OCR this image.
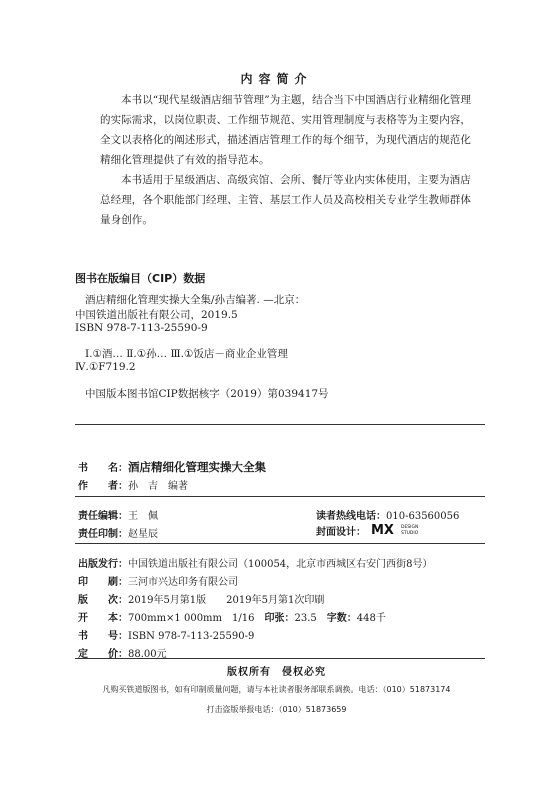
内容简介
本书以“现代星级酒店细节管理”为主题，结合当下中国酒店行业精细化管理的实际需求，以岗位职责、工作细节规范、实用管理制度与表格等为主要内容，全文以表格化的阐述形式，描述酒店管理工作的每个细节，为现代酒店的规范化精细化管理提供了有效的指导范本。
本书适用于星级酒店、高级宾馆、会所、餐厅等业内实体使用，主要为酒店总经理，各个职能部门经理、主管、基层工作人员及高校相关专业学生教师群体量身创作。
图书在版编目（CIP）数据
酒店精细化管理实操大全集/孙吉编著. —北京：
中国铁道出版社有限公司，2019.5
ISBN 978-7-113-25590-9
Ⅰ.①酒… Ⅱ.①孙… Ⅲ.①饭店－商业企业管理
Ⅳ.①F719.2
中国版本图书馆CIP数据核字（2019）第039417号
书　　名：酒店精细化管理实操大全集
作　　者：孙　吉　编著
责任编辑：王　佩	读者热线电话：010-63560056
责任印制：赵星辰	封面设计： MX DESIGN
STUDIO
出版发行：中国铁道出版社有限公司（100054，北京市西城区右安门西街8号）
印　　刷：三河市兴达印务有限公司
版　　次：2019年5月第1版　　2019年5月第1次印刷
开　　本：700mm×1 000mm　1/16　印张：23.5　字数：448千
书　　号：ISBN 978-7-113-25590-9
定　　价：88.00元
版权所有　侵权必究
凡购买铁道版图书，如有印制质量问题，请与本社读者服务部联系调换。电话：（010）51873174
打击盗版举报电话：（010）51873659
